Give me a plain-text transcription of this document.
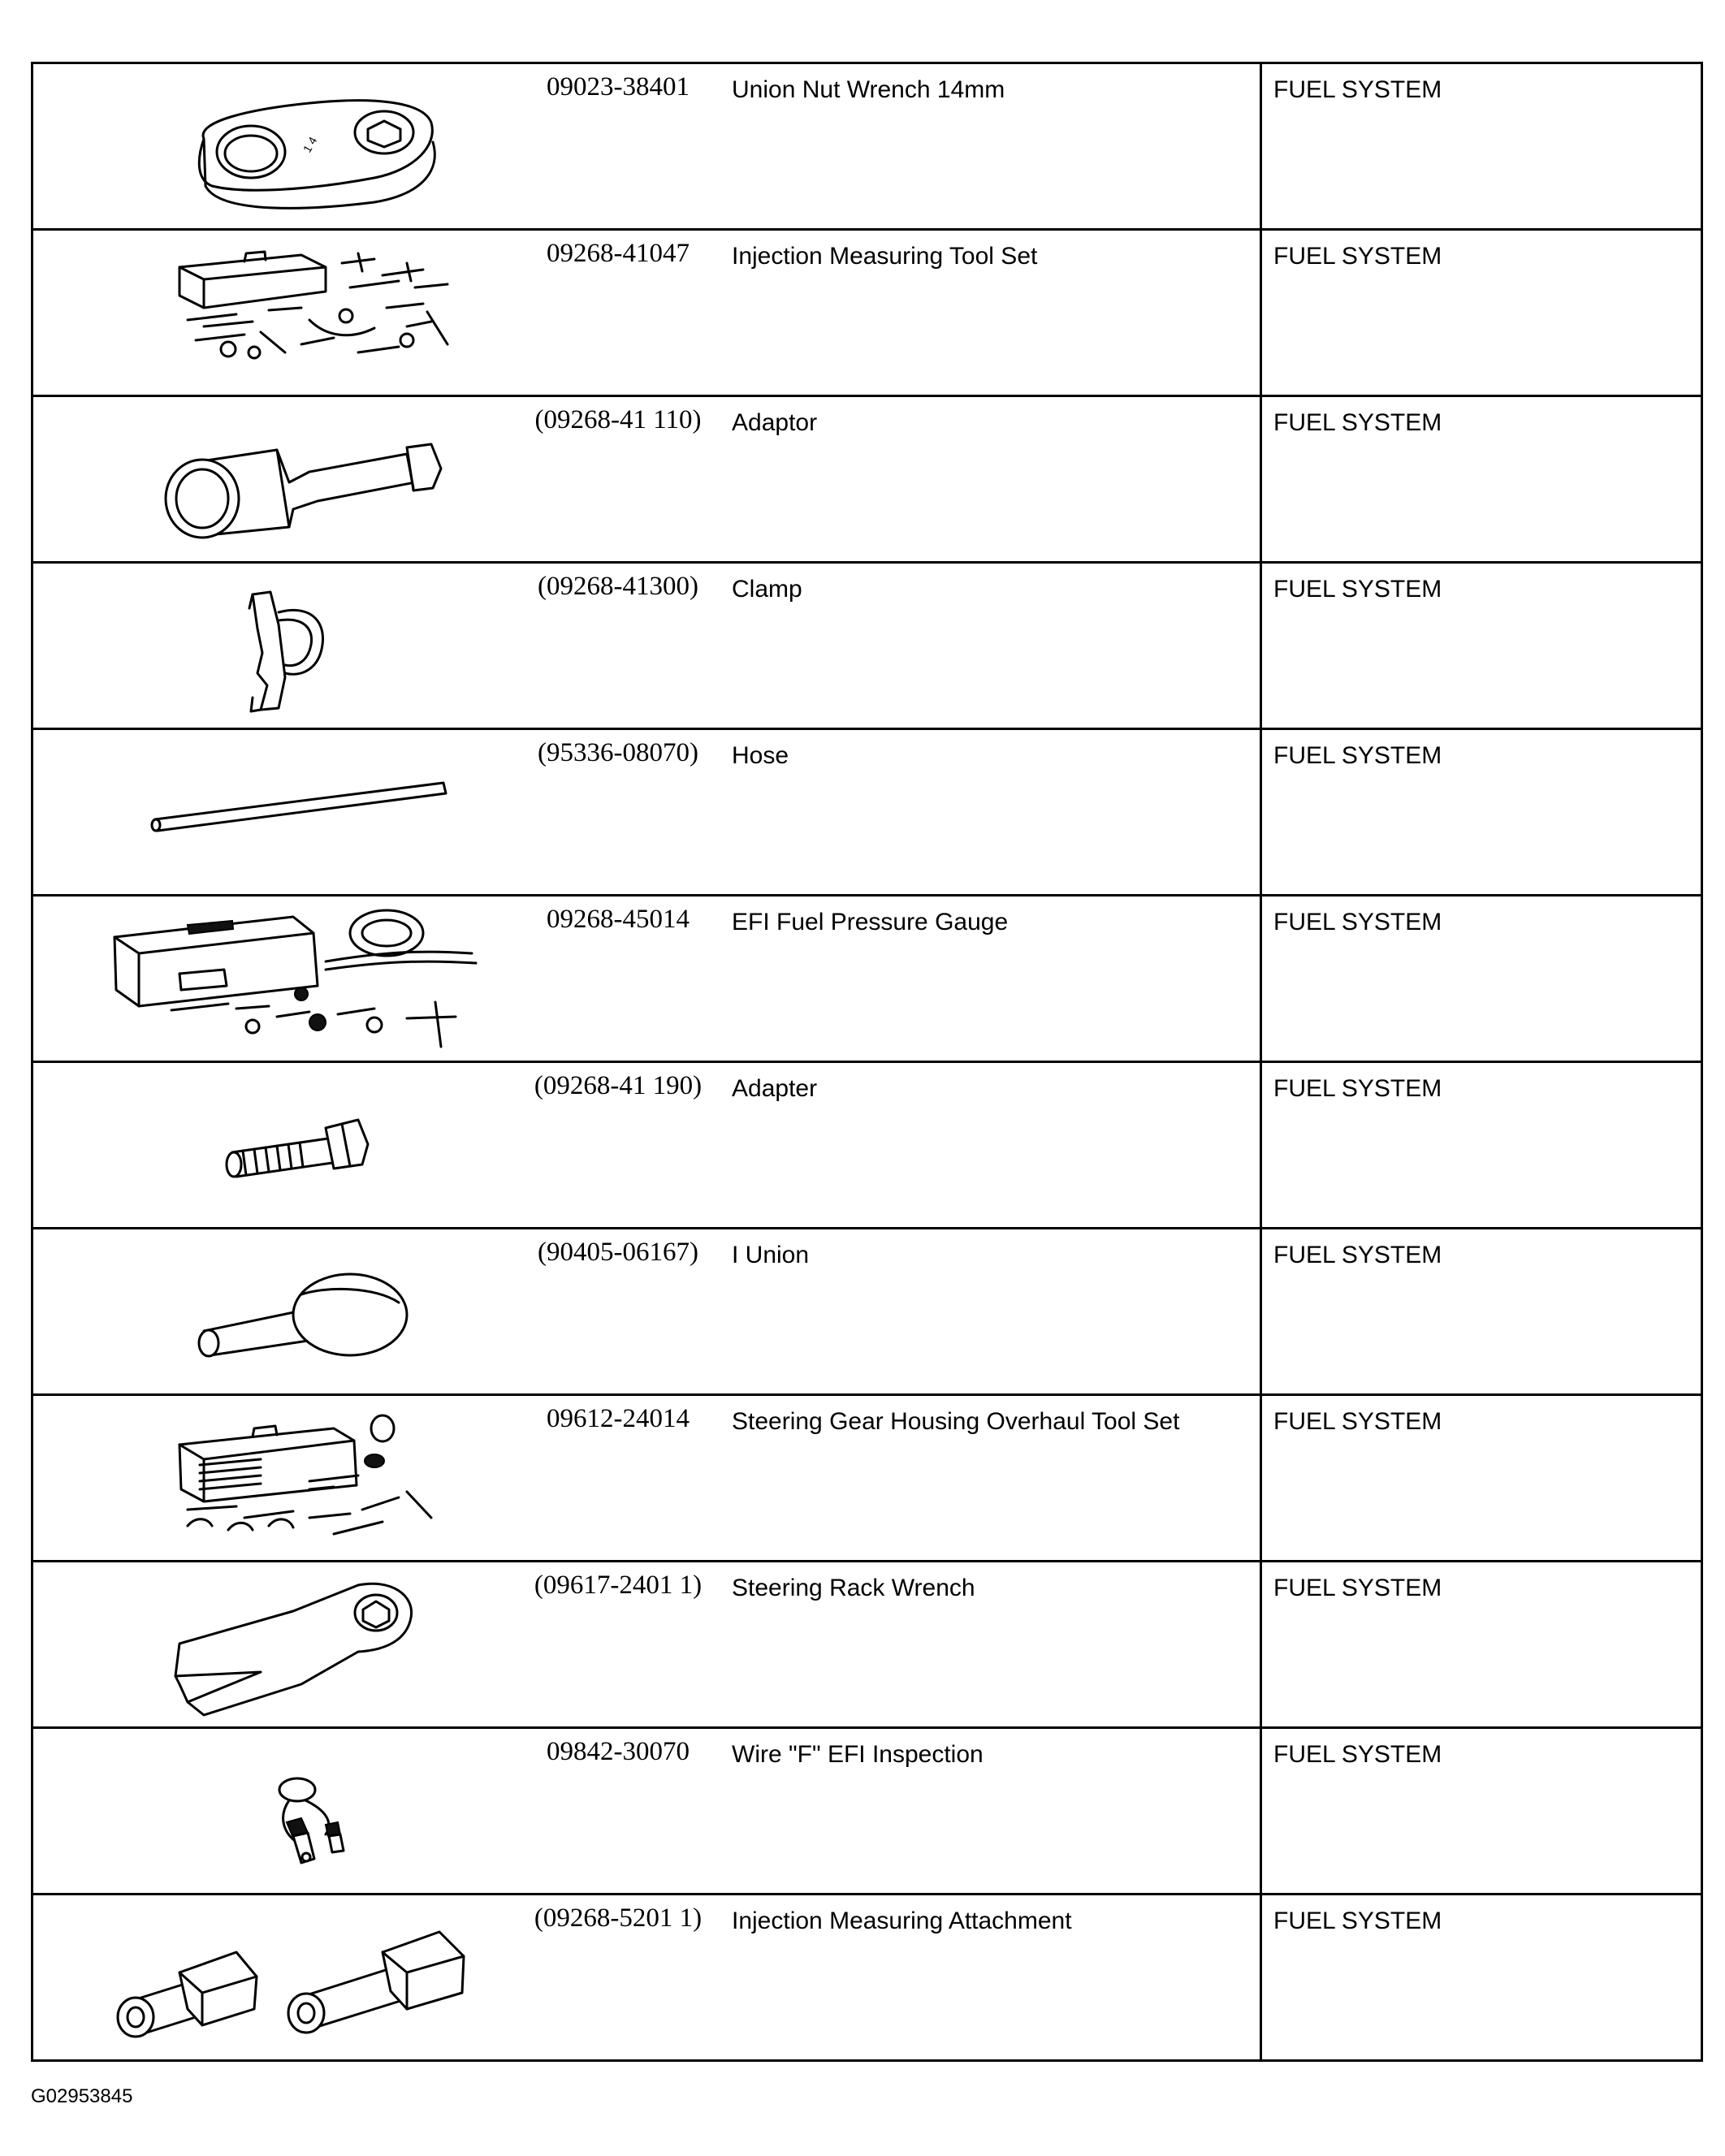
1 4
09023-38401 Union Nut Wrench 14mm	FUEL SYSTEM

09268-41047 Injection Measuring Tool Set	FUEL SYSTEM

(09268-41 110) Adaptor	FUEL SYSTEM

(09268-41300) Clamp	FUEL SYSTEM

(95336-08070) Hose	FUEL SYSTEM

09268-45014 EFI Fuel Pressure Gauge	FUEL SYSTEM

(09268-41 190) Adapter	FUEL SYSTEM

(90405-06167) I Union	FUEL SYSTEM

09612-24014 Steering Gear Housing Overhaul Tool Set	FUEL SYSTEM

(09617-2401 1) Steering Rack Wrench	FUEL SYSTEM

09842-30070 Wire "F" EFI Inspection	FUEL SYSTEM

(09268-5201 1) Injection Measuring Attachment	FUEL SYSTEM
G02953845
